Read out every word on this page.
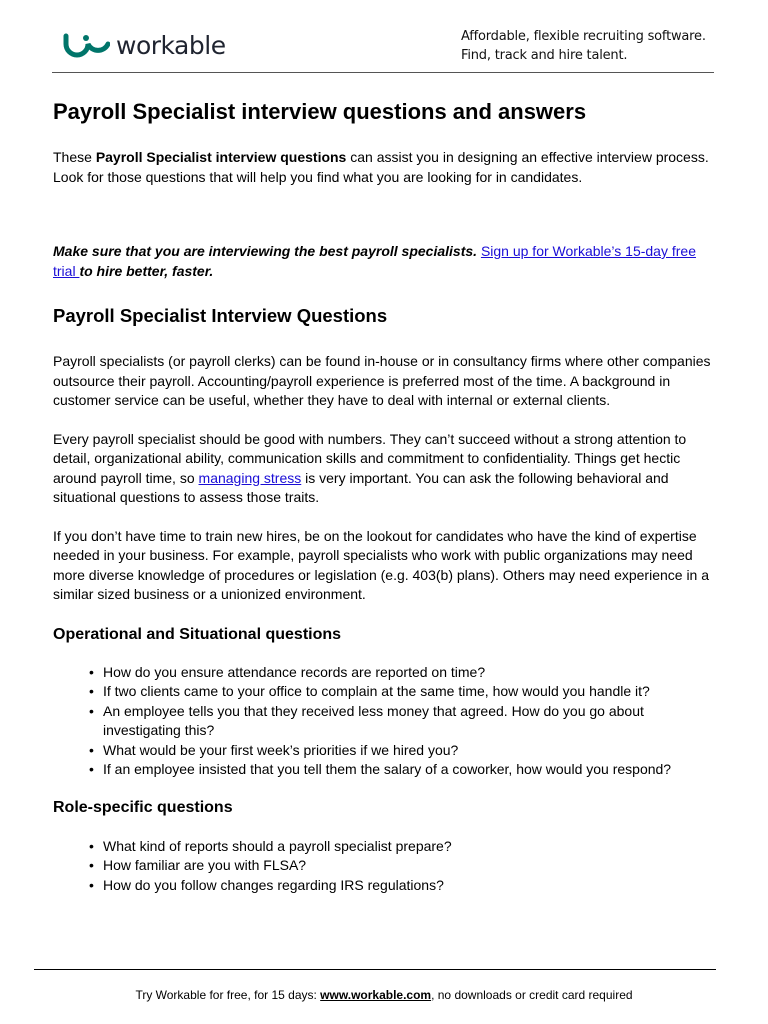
workable	Affordable, flexible recruiting software.
Find, track and hire talent.
Payroll Specialist interview questions and answers

These Payroll Specialist interview questions can assist you in designing an effective interview process. Look for those questions that will help you find what you are looking for in candidates.

Make sure that you are interviewing the best payroll specialists. Sign up for Workable’s 15-day free trial to hire better, faster.

Payroll Specialist Interview Questions

Payroll specialists (or payroll clerks) can be found in-house or in consultancy firms where other companies outsource their payroll. Accounting/payroll experience is preferred most of the time. A background in customer service can be useful, whether they have to deal with internal or external clients.

Every payroll specialist should be good with numbers. They can’t succeed without a strong attention to detail, organizational ability, communication skills and commitment to confidentiality. Things get hectic around payroll time, so managing stress is very important. You can ask the following behavioral and situational questions to assess those traits.

If you don’t have time to train new hires, be on the lookout for candidates who have the kind of expertise needed in your business. For example, payroll specialists who work with public organizations may need more diverse knowledge of procedures or legislation (e.g. 403(b) plans). Others may need experience in a similar sized business or a unionized environment.

Operational and Situational questions
• How do you ensure attendance records are reported on time?
• If two clients came to your office to complain at the same time, how would you handle it?
• An employee tells you that they received less money that agreed. How do you go about investigating this?
• What would be your first week’s priorities if we hired you?
• If an employee insisted that you tell them the salary of a coworker, how would you respond?
Role-specific questions
• What kind of reports should a payroll specialist prepare?
• How familiar are you with FLSA?
• How do you follow changes regarding IRS regulations?
Try Workable for free, for 15 days: www.workable.com, no downloads or credit card required
